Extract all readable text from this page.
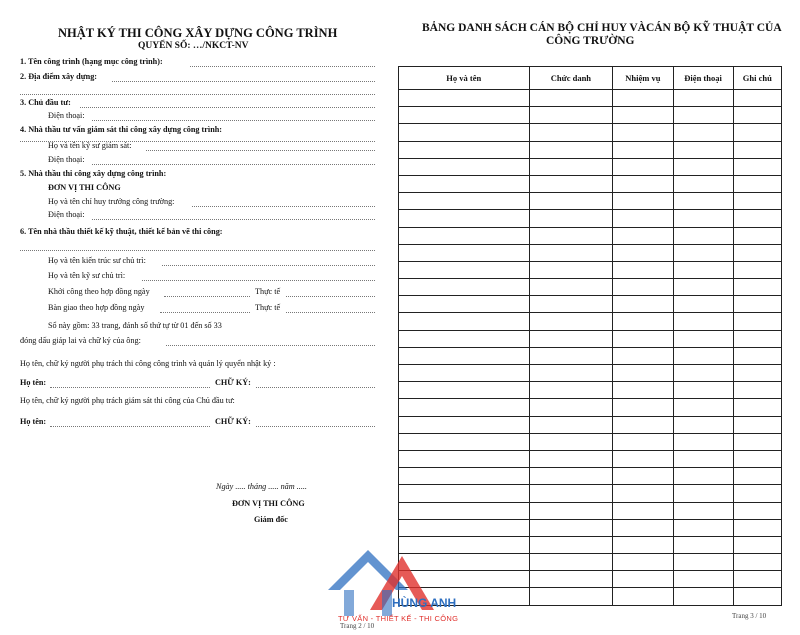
NHẬT KÝ THI CÔNG XÂY DỰNG CÔNG TRÌNH
QUYỂN SỐ: …/NKCT-NV
1. Tên công trình (hạng mục công trình):
2. Địa điểm xây dựng:
3. Chủ đầu tư:
Điện thoại:
4. Nhà thầu tư vấn giám sát thi công xây dựng công trình:
Họ và tên kỹ sư giám sát:
Điện thoại:
5. Nhà thầu thi công xây dựng công trình:
ĐƠN VỊ THI CÔNG
Họ và tên chỉ huy trưởng công trường:
Điện thoại:
6. Tên nhà thầu thiết kế kỹ thuật, thiết kế bản vẽ thi công:
Họ và tên kiến trúc sư chủ trì:
Họ và tên kỹ sư chủ trì:
Khởi công theo hợp đồng ngày	Thực tế
Bàn giao theo hợp đồng ngày	Thực tế
Sổ này gồm: 33 trang, đánh số thứ tự từ 01 đến số 33
đóng dấu giáp lai và chữ ký của ông:
Họ tên, chữ ký người phụ trách thi công công trình và quản lý quyển nhật ký :
Họ tên:	CHỮ KÝ:
Họ tên, chữ ký người phụ trách giám sát thi công của Chủ đầu tư:
Họ tên:	CHỮ KÝ:
Ngày ..... tháng ..... năm .....
ĐƠN VỊ THI CÔNG
Giám đốc
Trang 2 / 10
BẢNG DANH SÁCH CÁN BỘ CHỈ HUY VÀCÁN BỘ KỸ THUẬT CỦA
CÔNG TRƯỜNG
Họ và tên	Chức danh	Nhiệm vụ	Điện thoại	Ghi chú

Trang 3 / 10
HÙNG ANH
TƯ VẤN - THIẾT KẾ - THI CÔNG
